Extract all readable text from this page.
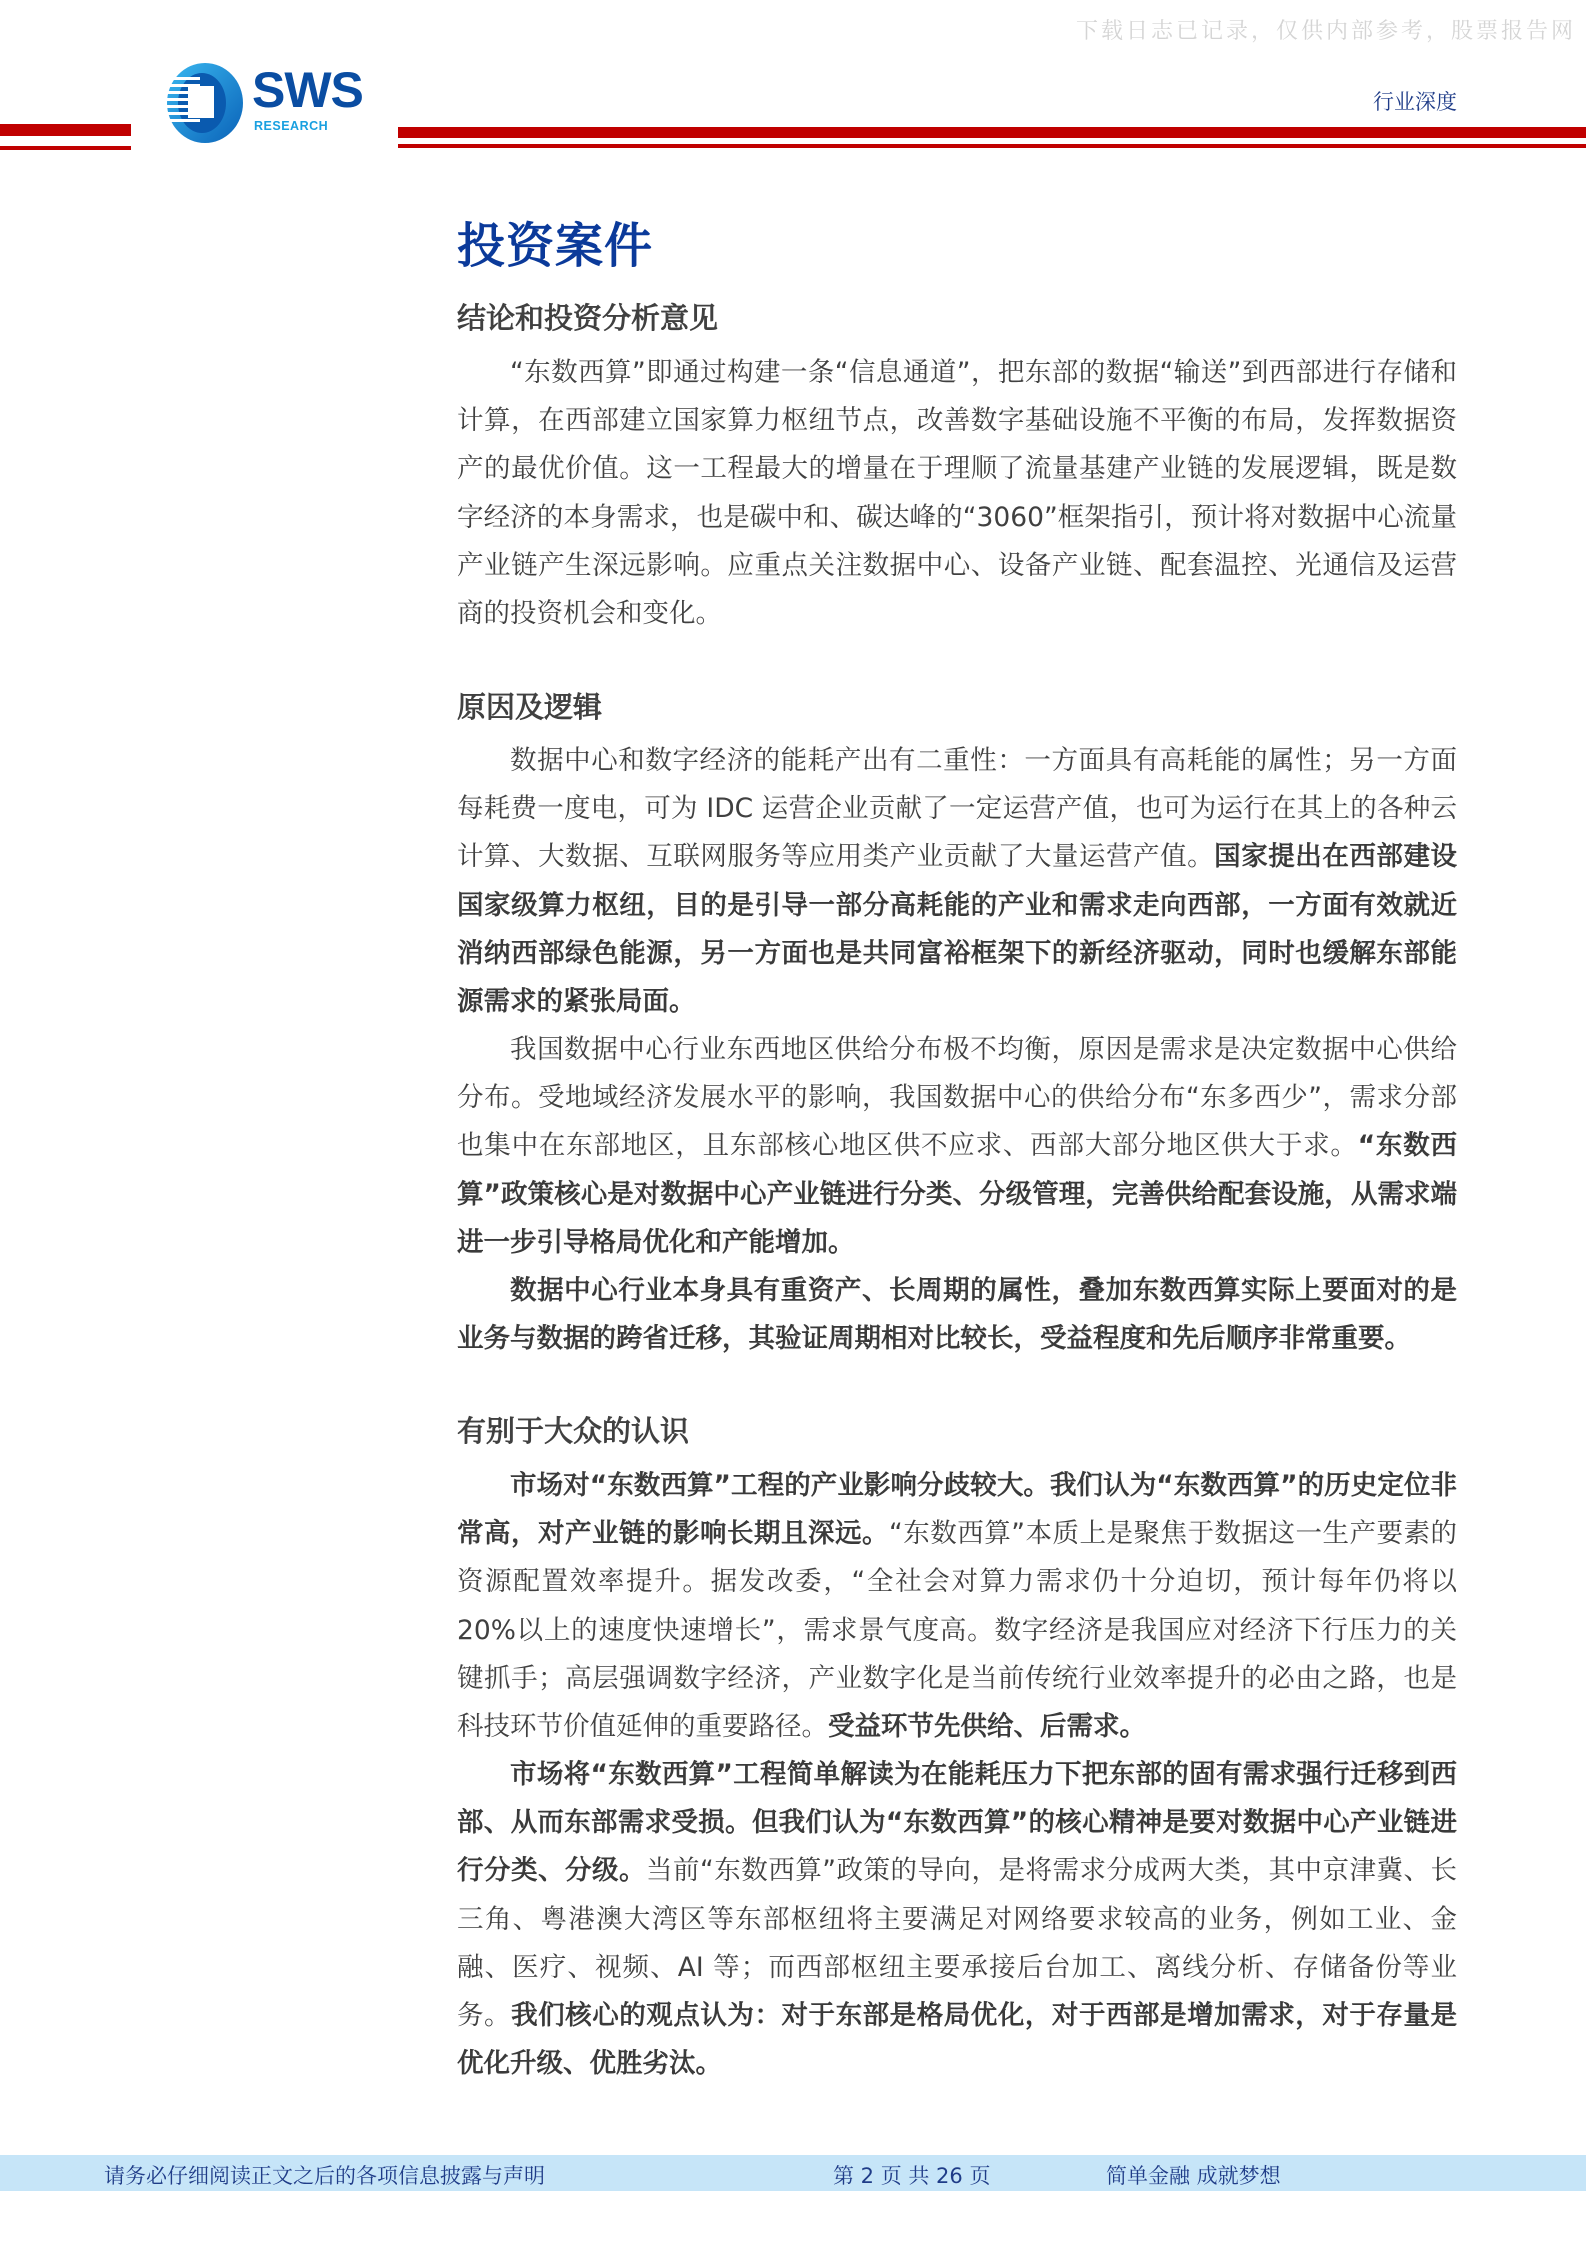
下载日志已记录，仅供内部参考，股票报告网
SWS
RESEARCH
行业深度
投资案件
结论和投资分析意见

“东数西算”即通过构建一条“信息通道”，把东部的数据“输送”到西部进行存储和计算，在西部建立国家算力枢纽节点，改善数字基础设施不平衡的布局，发挥数据资产的最优价值。这一工程最大的增量在于理顺了流量基建产业链的发展逻辑，既是数字经济的本身需求，也是碳中和、碳达峰的“3060”框架指引，预计将对数据中心流量产业链产生深远影响。应重点关注数据中心、设备产业链、配套温控、光通信及运营商的投资机会和变化。

原因及逻辑

数据中心和数字经济的能耗产出有二重性：一方面具有高耗能的属性；另一方面每耗费一度电，可为 IDC 运营企业贡献了一定运营产值，也可为运行在其上的各种云计算、大数据、互联网服务等应用类产业贡献了大量运营产值。国家提出在西部建设国家级算力枢纽，目的是引导一部分高耗能的产业和需求走向西部，一方面有效就近消纳西部绿色能源，另一方面也是共同富裕框架下的新经济驱动，同时也缓解东部能源需求的紧张局面。

我国数据中心行业东西地区供给分布极不均衡，原因是需求是决定数据中心供给分布。受地域经济发展水平的影响，我国数据中心的供给分布“东多西少”，需求分部也集中在东部地区，且东部核心地区供不应求、西部大部分地区供大于求。“东数西算”政策核心是对数据中心产业链进行分类、分级管理，完善供给配套设施，从需求端进一步引导格局优化和产能增加。

数据中心行业本身具有重资产、长周期的属性，叠加东数西算实际上要面对的是业务与数据的跨省迁移，其验证周期相对比较长，受益程度和先后顺序非常重要。

有别于大众的认识

市场对“东数西算”工程的产业影响分歧较大。我们认为“东数西算”的历史定位非常高，对产业链的影响长期且深远。“东数西算”本质上是聚焦于数据这一生产要素的资源配置效率提升。据发改委，“全社会对算力需求仍十分迫切，预计每年仍将以 20%以上的速度快速增长”，需求景气度高。数字经济是我国应对经济下行压力的关键抓手；高层强调数字经济，产业数字化是当前传统行业效率提升的必由之路，也是科技环节价值延伸的重要路径。受益环节先供给、后需求。

市场将“东数西算”工程简单解读为在能耗压力下把东部的固有需求强行迁移到西部、从而东部需求受损。但我们认为“东数西算”的核心精神是要对数据中心产业链进行分类、分级。当前“东数西算”政策的导向，是将需求分成两大类，其中京津冀、长三角、粤港澳大湾区等东部枢纽将主要满足对网络要求较高的业务，例如工业、金融、医疗、视频、AI 等；而西部枢纽主要承接后台加工、离线分析、存储备份等业务。我们核心的观点认为：对于东部是格局优化，对于西部是增加需求，对于存量是优化升级、优胜劣汰。

请务必仔细阅读正文之后的各项信息披露与声明	第 2 页 共 26 页	简单金融 成就梦想
